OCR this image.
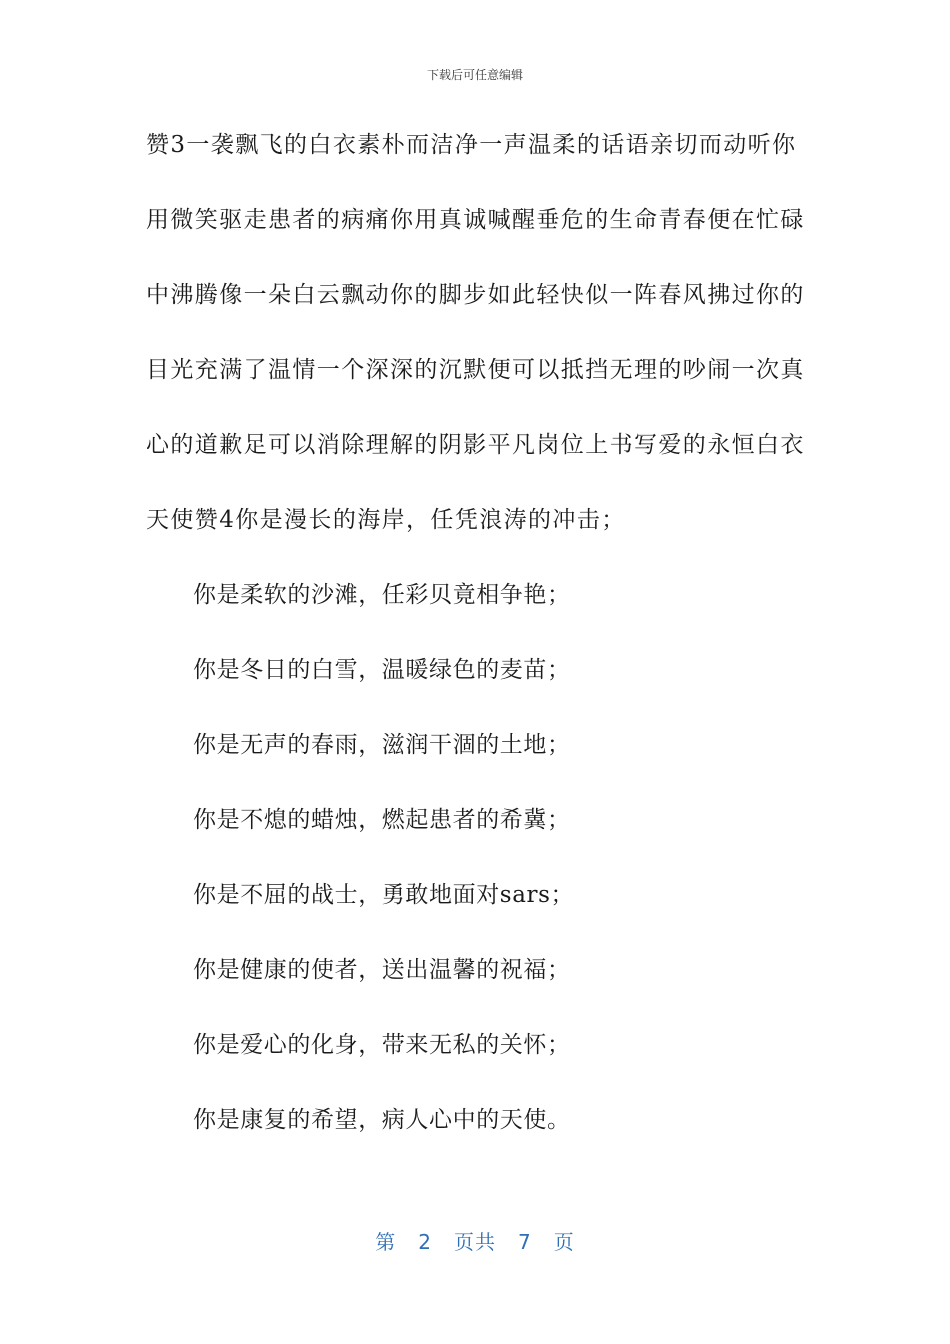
下载后可任意编辑
赞3一袭飘飞的白衣素朴而洁净一声温柔的话语亲切而动听你
用微笑驱走患者的病痛你用真诚喊醒垂危的生命青春便在忙碌
中沸腾像一朵白云飘动你的脚步如此轻快似一阵春风拂过你的
目光充满了温情一个深深的沉默便可以抵挡无理的吵闹一次真
心的道歉足可以消除理解的阴影平凡岗位上书写爱的永恒白衣
天使赞4你是漫长的海岸，任凭浪涛的冲击；
你是柔软的沙滩，任彩贝竟相争艳；
你是冬日的白雪，温暖绿色的麦苗；
你是无声的春雨，滋润干涸的土地；
你是不熄的蜡烛，燃起患者的希冀；
你是不屈的战士，勇敢地面对sars；
你是健康的使者，送出温馨的祝福；
你是爱心的化身，带来无私的关怀；
你是康复的希望，病人心中的天使。
第 2 页共 7 页
